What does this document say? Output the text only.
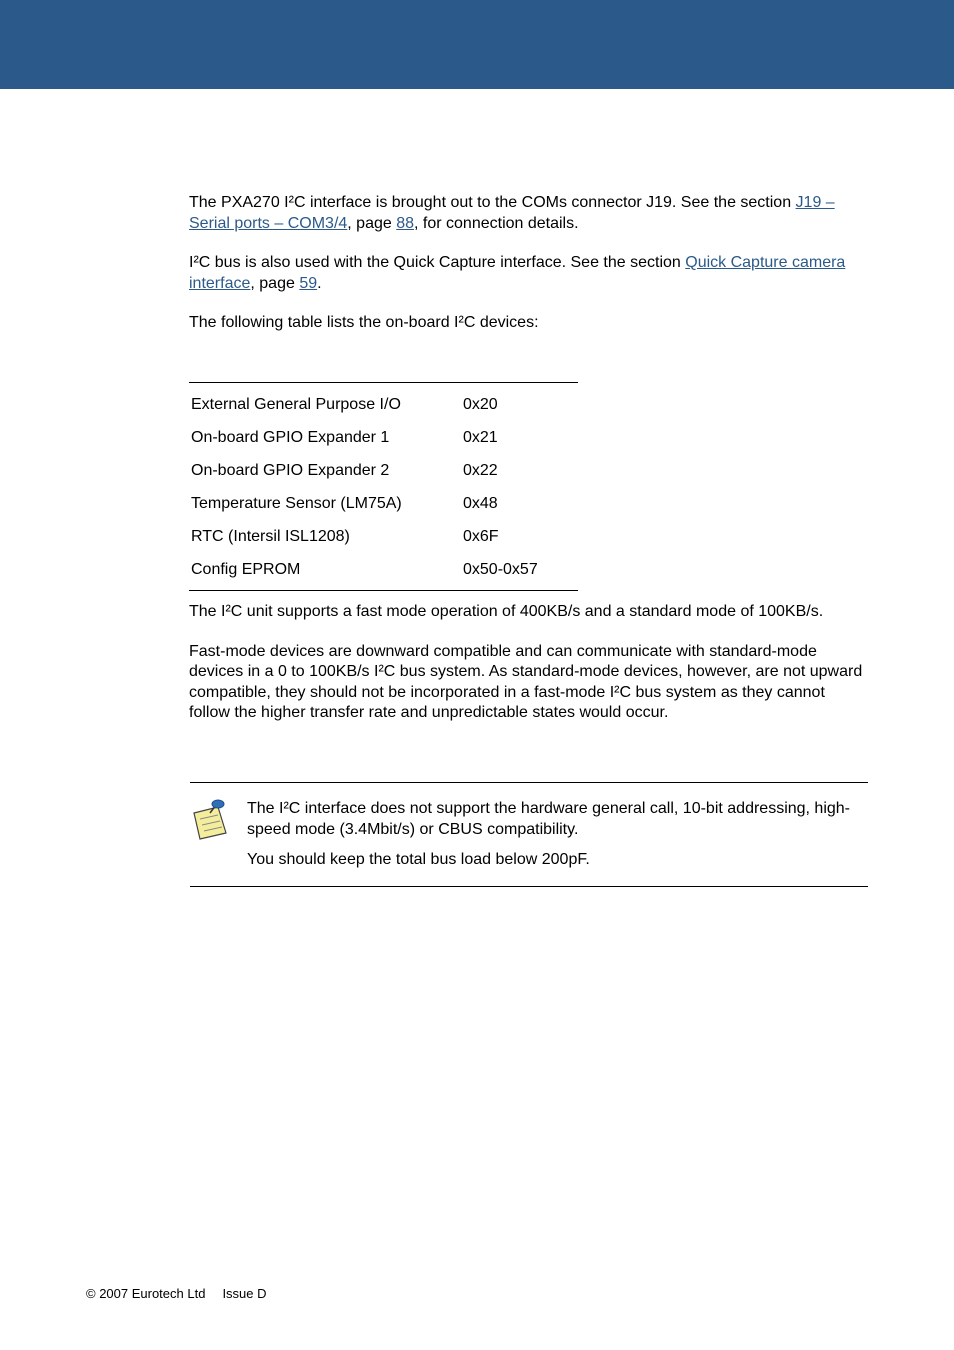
The PXA270 I²C interface is brought out to the COMs connector J19. See the section J19 – Serial ports – COM3/4, page 88, for connection details.

I²C bus is also used with the Quick Capture interface. See the section Quick Capture camera interface, page 59.

The following table lists the on-board I²C devices:

External General Purpose I/O	0x20
On-board GPIO Expander 1	0x21
On-board GPIO Expander 2	0x22
Temperature Sensor (LM75A)	0x48
RTC (Intersil ISL1208)	0x6F
Config EPROM	0x50-0x57

The I²C unit supports a fast mode operation of 400KB/s and a standard mode of 100KB/s.

Fast-mode devices are downward compatible and can communicate with standard-mode devices in a 0 to 100KB/s I²C bus system. As standard-mode devices, however, are not upward compatible, they should not be incorporated in a fast-mode I²C bus system as they cannot follow the higher transfer rate and unpredictable states would occur.

The I²C interface does not support the hardware general call, 10-bit addressing, high-speed mode (3.4Mbit/s) or CBUS compatibility.

You should keep the total bus load below 200pF.

© 2007 Eurotech Ltd Issue D
